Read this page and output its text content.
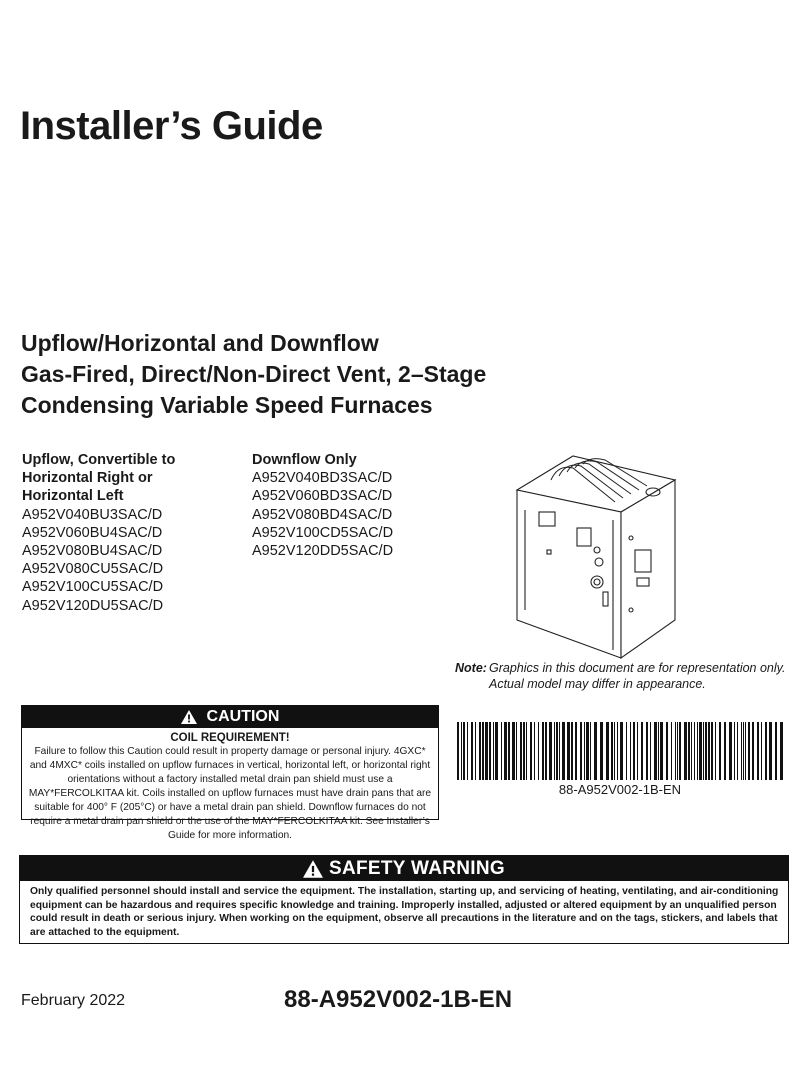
Installer’s Guide
Upflow/Horizontal and Downflow
Gas-Fired, Direct/Non-Direct Vent, 2–Stage
Condensing Variable Speed Furnaces
Upflow, Convertible to
Horizontal Right or
Horizontal Left
A952V040BU3SAC/D
A952V060BU4SAC/D
A952V080BU4SAC/D
A952V080CU5SAC/D
A952V100CU5SAC/D
A952V120DU5SAC/D
Downflow Only
A952V040BD3SAC/D
A952V060BD3SAC/D
A952V080BD4SAC/D
A952V100CD5SAC/D
A952V120DD5SAC/D
Note: Graphics in this document are for representation only. Actual model may differ in appearance.
CAUTION
COIL REQUIREMENT!
Failure to follow this Caution could result in property damage or personal injury. 4GXC* and 4MXC* coils installed on upflow furnaces in vertical, horizontal left, or horizontal right orientations without a factory installed metal drain pan shield must use a MAY*FERCOLKITAA kit. Coils installed on upflow furnaces must have drain pans that are suitable for 400° F (205°C) or have a metal drain pan shield. Downflow furnaces do not require a metal drain pan shield or the use of the MAY*FERCOLKITAA kit. See Installer’s Guide for more information.
88-A952V002-1B-EN
SAFETY WARNING
Only qualified personnel should install and service the equipment. The installation, starting up, and servicing of heating, ventilating, and air-conditioning equipment can be hazardous and requires specific knowledge and training. Improperly installed, adjusted or altered equipment by an unqualified person could result in death or serious injury. When working on the equipment, observe all precautions in the literature and on the tags, stickers, and labels that are attached to the equipment.
February 2022	88-A952V002-1B-EN
